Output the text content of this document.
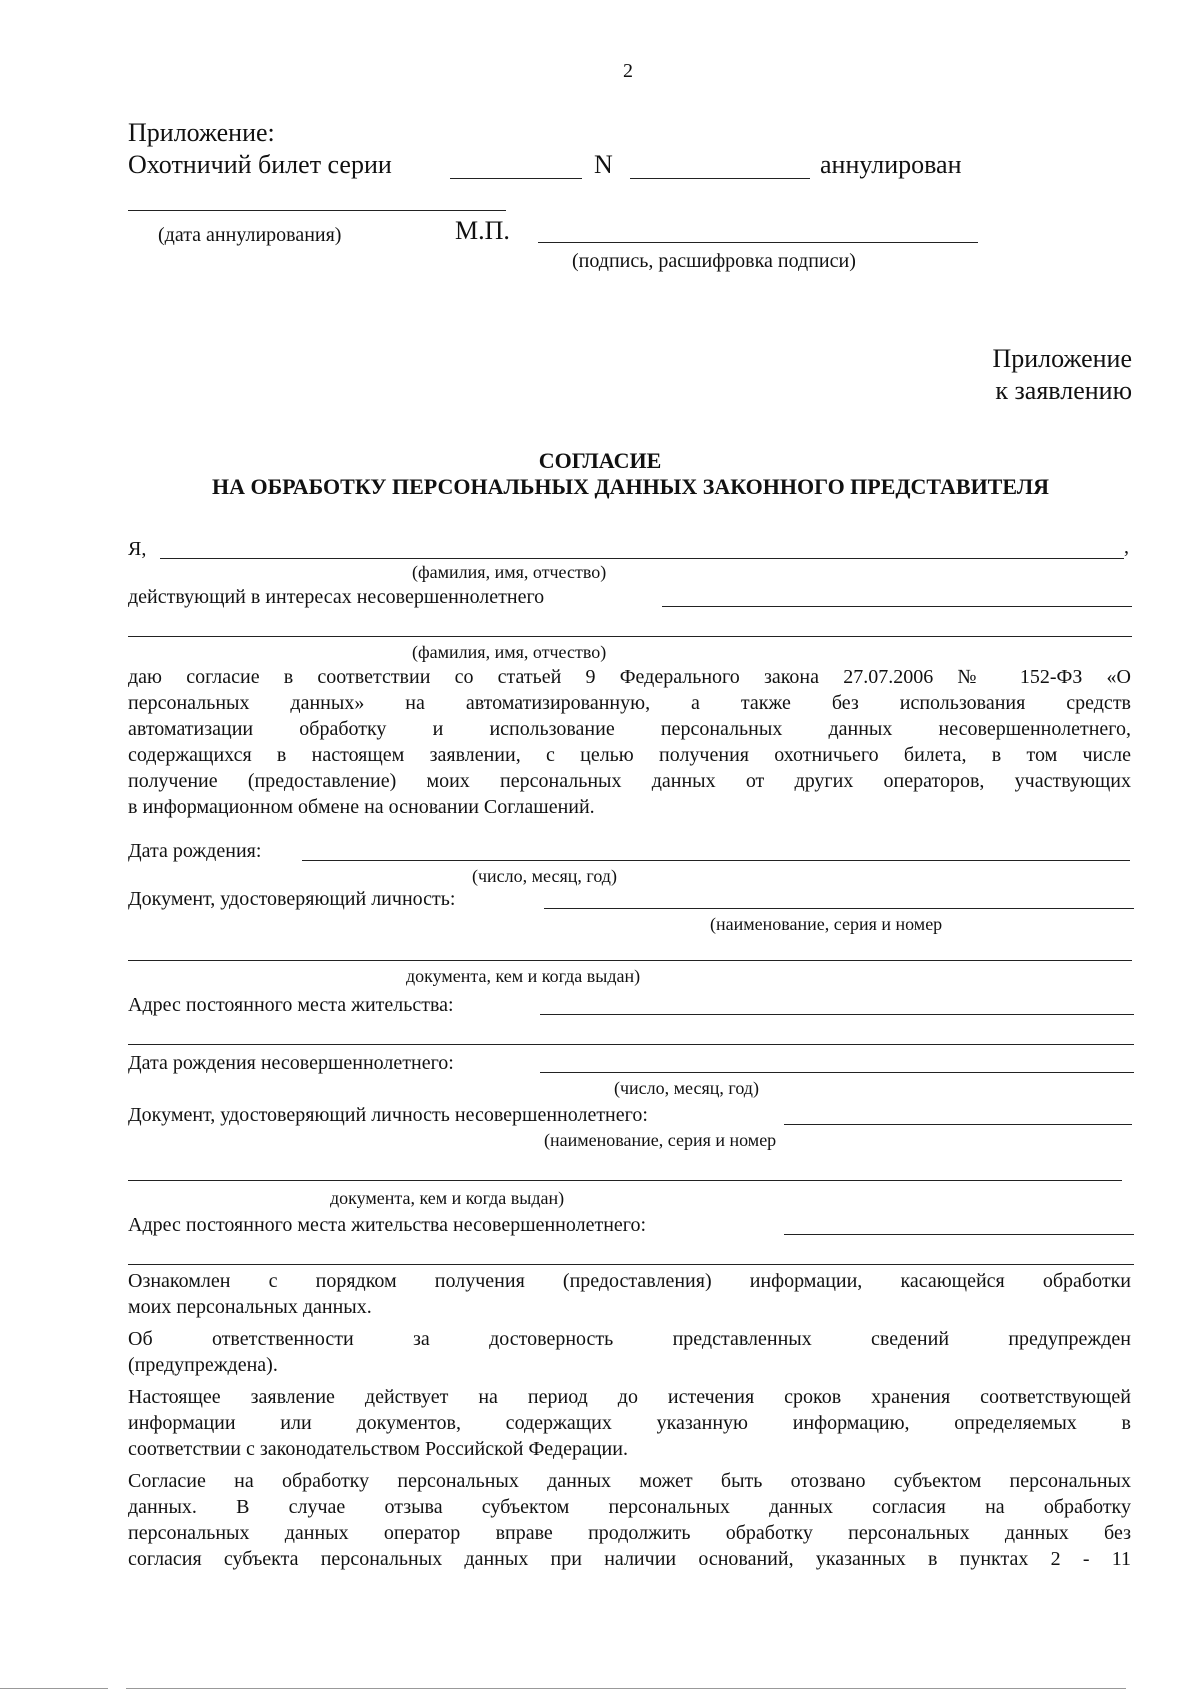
2
Приложение:
Охотничий билет серии	N	аннулирован
(дата аннулирования)	М.П.
(подпись, расшифровка подписи)
Приложение
к заявлению
СОГЛАСИЕ
НА ОБРАБОТКУ ПЕРСОНАЛЬНЫХ ДАННЫХ ЗАКОННОГО ПРЕДСТАВИТЕЛЯ
Я,	,
(фамилия, имя, отчество)
действующий в интересах несовершеннолетнего
(фамилия, имя, отчество)
даю согласие в соответствии со статьей 9 Федерального закона 27.07.2006 № 152-ФЗ «О
персональных данных» на автоматизированную, а также без использования средств
автоматизации обработку и использование персональных данных несовершеннолетнего,
содержащихся в настоящем заявлении, с целью получения охотничьего билета, в том числе
получение (предоставление) моих персональных данных от других операторов, участвующих
в информационном обмене на основании Соглашений.
Дата рождения:
(число, месяц, год)
Документ, удостоверяющий личность:
(наименование, серия и номер
документа, кем и когда выдан)
Адрес постоянного места жительства:
Дата рождения несовершеннолетнего:
(число, месяц, год)
Документ, удостоверяющий личность несовершеннолетнего:
(наименование, серия и номер
документа, кем и когда выдан)
Адрес постоянного места жительства несовершеннолетнего:
Ознакомлен с порядком получения (предоставления) информации, касающейся обработки
моих персональных данных.
Об ответственности за достоверность представленных сведений предупрежден
(предупреждена).
Настоящее заявление действует на период до истечения сроков хранения соответствующей
информации или документов, содержащих указанную информацию, определяемых в
соответствии с законодательством Российской Федерации.
Согласие на обработку персональных данных может быть отозвано субъектом персональных
данных. В случае отзыва субъектом персональных данных согласия на обработку
персональных данных оператор вправе продолжить обработку персональных данных без
согласия субъекта персональных данных при наличии оснований, указанных в пунктах 2 - 11
